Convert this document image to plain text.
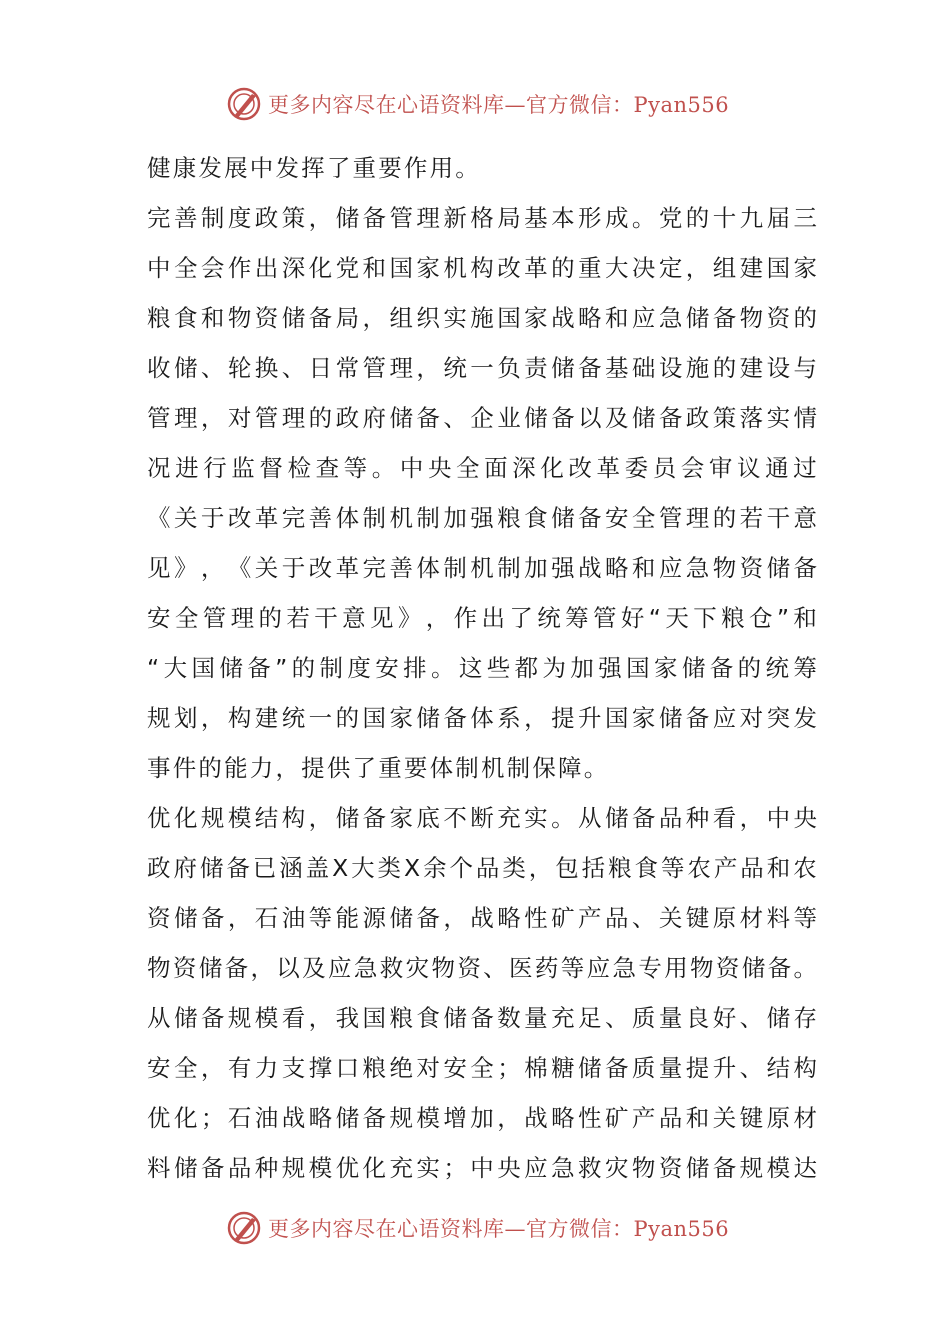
更多内容尽在心语资料库—官方微信：Pyan556
健 康 发 展 中 发 挥 了 重 要 作 用 。
完 善 制 度 政 策 ， 储 备 管 理 新 格 局 基 本 形 成 。 党 的 十 九 届 三
中 全 会 作 出 深 化 党 和 国 家 机 构 改 革 的 重 大 决 定 ， 组 建 国 家
粮 食 和 物 资 储 备 局 ， 组 织 实 施 国 家 战 略 和 应 急 储 备 物 资 的
收 储 、 轮 换 、 日 常 管 理 ， 统 一 负 责 储 备 基 础 设 施 的 建 设 与
管 理 ， 对 管 理 的 政 府 储 备 、 企 业 储 备 以 及 储 备 政 策 落 实 情
况 进 行 监 督 检 查 等 。 中 央 全 面 深 化 改 革 委 员 会 审 议 通 过
《 关 于 改 革 完 善 体 制 机 制 加 强 粮 食 储 备 安 全 管 理 的 若 干 意
见 》 ， 《 关 于 改 革 完 善 体 制 机 制 加 强 战 略 和 应 急 物 资 储 备
安 全 管 理 的 若 干 意 见 》 ， 作 出 了 统 筹 管 好 “ 天 下 粮 仓 ” 和
“ 大 国 储 备 ” 的 制 度 安 排 。 这 些 都 为 加 强 国 家 储 备 的 统 筹
规 划 ， 构 建 统 一 的 国 家 储 备 体 系 ， 提 升 国 家 储 备 应 对 突 发
事 件 的 能 力 ， 提 供 了 重 要 体 制 机 制 保 障 。
优 化 规 模 结 构 ， 储 备 家 底 不 断 充 实 。 从 储 备 品 种 看 ， 中 央
政 府 储 备 已 涵 盖 X 大 类 X 余 个 品 类 ， 包 括 粮 食 等 农 产 品 和 农
资 储 备 ， 石 油 等 能 源 储 备 ， 战 略 性 矿 产 品 、 关 键 原 材 料 等
物 资 储 备 ， 以 及 应 急 救 灾 物 资 、 医 药 等 应 急 专 用 物 资 储 备 。
从 储 备 规 模 看 ， 我 国 粮 食 储 备 数 量 充 足 、 质 量 良 好 、 储 存
安 全 ， 有 力 支 撑 口 粮 绝 对 安 全 ； 棉 糖 储 备 质 量 提 升 、 结 构
优 化 ； 石 油 战 略 储 备 规 模 增 加 ， 战 略 性 矿 产 品 和 关 键 原 材
料 储 备 品 种 规 模 优 化 充 实 ； 中 央 应 急 救 灾 物 资 储 备 规 模 达
更多内容尽在心语资料库—官方微信：Pyan556
